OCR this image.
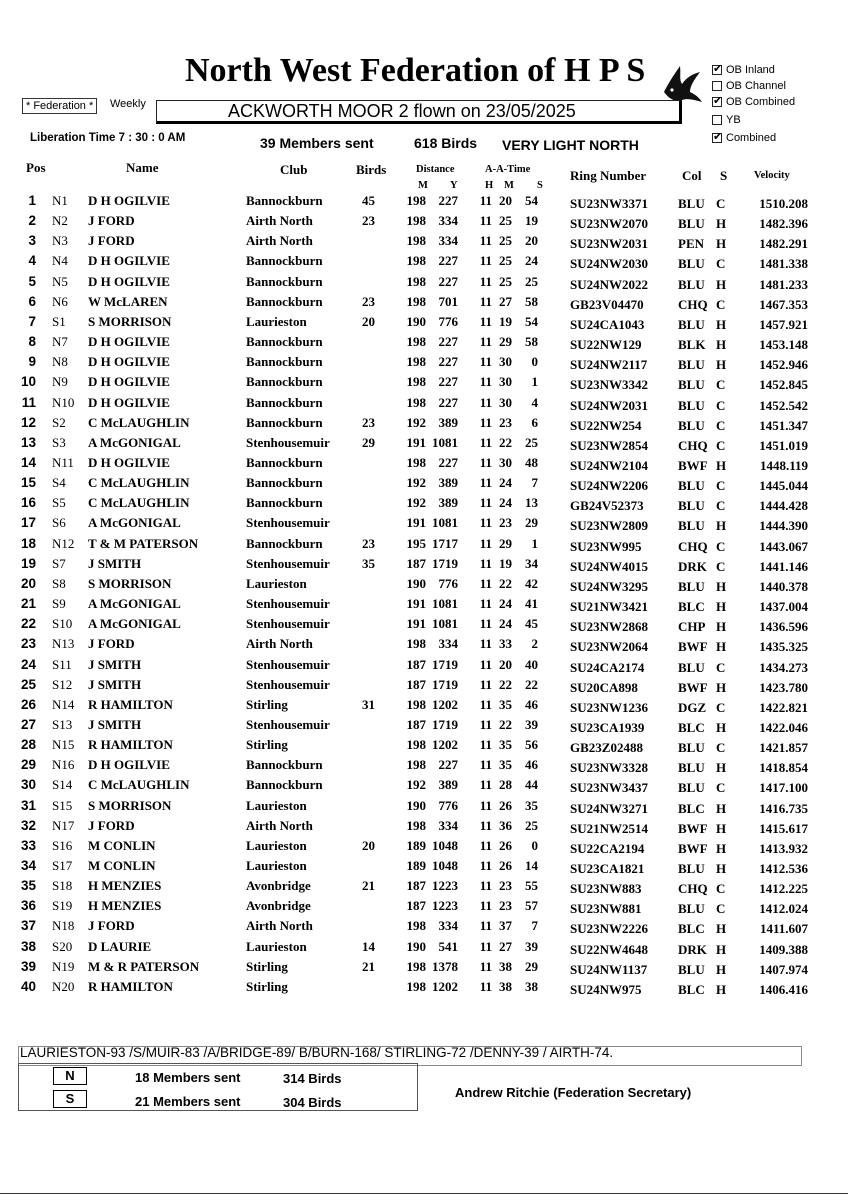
North West Federation of H P S
✔	OB Inland
OB Channel
✔
OB Combined
YB
✔
Combined
* Federation *	Weekly	ACKWORTH MOOR 2 flown on 23/05/2025
Liberation Time 7 : 30 : 0 AM	39 Members sent	618 Birds VERY LIGHT NORTH
Pos	Name	Club	Birds	Distance
M Y
A-A-Time
H M S
Ring Number	Col S	Velocity
1 N1 D H OGILVIE	Bannockburn	45	198 227 11 20	54 SU23NW3371 BLU C	1510.208
2 N2 J FORD	Airth North	23	198 334 11 25	19 SU23NW2070 BLU H	1482.396
3 N3 J FORD	Airth North	198 334 11 25	20 SU23NW2031 PEN H	1482.291
4 N4 D H OGILVIE	Bannockburn	198 227 11 25	24 SU24NW2030 BLU C	1481.338
5 N5 D H OGILVIE	Bannockburn	198 227 11 25	25 SU24NW2022 BLU H	1481.233
6 N6 W McLAREN	Bannockburn	23	198 701 11 27	58 GB23V04470	CHQ C	1467.353
7 S1 S MORRISON	Laurieston	20	190 776 11 19	54 SU24CA1043	BLU H	1457.921
8 N7 D H OGILVIE	Bannockburn	198 227 11 29	58 SU22NW129	BLK H	1453.148
9 N8 D H OGILVIE	Bannockburn	198 227 11 30	0 SU24NW2117 BLU H	1452.946
10 N9 D H OGILVIE	Bannockburn	198 227 11 30	1 SU23NW3342 BLU C	1452.845
11 N10 D H OGILVIE	Bannockburn	198 227 11 30	4 SU24NW2031 BLU C	1452.542
12 S2 C McLAUGHLIN	Bannockburn	23	192 389 11 23	6 SU22NW254	BLU C	1451.347
13 S3 A McGONIGAL	Stenhousemuir 29	191 1081 11 22	25 SU23NW2854 CHQ C	1451.019
14 N11 D H OGILVIE	Bannockburn	198 227 11 30	48 SU24NW2104 BWF H	1448.119
15 S4 C McLAUGHLIN	Bannockburn	192 389 11 24	7 SU24NW2206 BLU C	1445.044
16 S5 C McLAUGHLIN	Bannockburn	192 389 11 24	13 GB24V52373	BLU C	1444.428
17 S6 A McGONIGAL	Stenhousemuir	191 1081 11 23	29 SU23NW2809 BLU H	1444.390
18 N12 T & M PATERSON	Bannockburn	23	195 1717 11 29	1 SU23NW995	CHQ C	1443.067
19 S7 J SMITH	Stenhousemuir 35	187 1719 11 19	34 SU24NW4015 DRK C	1441.146
20 S8 S MORRISON	Laurieston	190 776 11 22	42 SU24NW3295 BLU H	1440.378
21 S9 A McGONIGAL	Stenhousemuir	191 1081 11 24	41 SU21NW3421 BLC H	1437.004
22 S10 A McGONIGAL	Stenhousemuir	191 1081 11 24	45 SU23NW2868 CHP H	1436.596
23 N13 J FORD	Airth North	198 334 11 33	2 SU23NW2064 BWF H	1435.325
24 S11 J SMITH	Stenhousemuir	187 1719 11 20	40 SU24CA2174	BLU C	1434.273
25 S12 J SMITH	Stenhousemuir	187 1719 11 22	22 SU20CA898	BWF H	1423.780
26 N14 R HAMILTON	Stirling	31	198 1202 11 35	46 SU23NW1236 DGZ C	1422.821
27 S13 J SMITH	Stenhousemuir	187 1719 11 22	39 SU23CA1939	BLC H	1422.046
28 N15 R HAMILTON	Stirling	198 1202 11 35	56 GB23Z02488	BLU C	1421.857
29 N16 D H OGILVIE	Bannockburn	198 227 11 35	46 SU23NW3328 BLU H	1418.854
30 S14 C McLAUGHLIN	Bannockburn	192 389 11 28	44 SU23NW3437 BLU C	1417.100
31 S15 S MORRISON	Laurieston	190 776 11 26	35 SU24NW3271 BLC H	1416.735
32 N17 J FORD	Airth North	198 334 11 36	25 SU21NW2514 BWF H	1415.617
33 S16 M CONLIN	Laurieston	20	189 1048 11 26	0 SU22CA2194	BWF H	1413.932
34 S17 M CONLIN	Laurieston	189 1048 11 26	14 SU23CA1821	BLU H	1412.536
35 S18 H MENZIES	Avonbridge	21	187 1223 11 23	55 SU23NW883	CHQ C	1412.225
36 S19 H MENZIES	Avonbridge	187 1223 11 23	57 SU23NW881	BLU C	1412.024
37 N18 J FORD	Airth North	198 334 11 37	7 SU23NW2226 BLC H	1411.607
38 S20 D LAURIE	Laurieston	14	190 541 11 27	39 SU22NW4648 DRK H	1409.388
39 N19 M & R PATERSON	Stirling	21	198 1378 11 38	29 SU24NW1137 BLU H	1407.974
40 N20 R HAMILTON	Stirling	198 1202 11 38	38 SU24NW975	BLC H	1406.416
LAURIESTON-93 /S/MUIR-83 /A/BRIDGE-89/ B/BURN-168/ STIRLING-72 /DENNY-39 / AIRTH-74.
N	18 Members sent	314 Birds
S	21 Members sent	304 Birds
Andrew Ritchie (Federation Secretary)
